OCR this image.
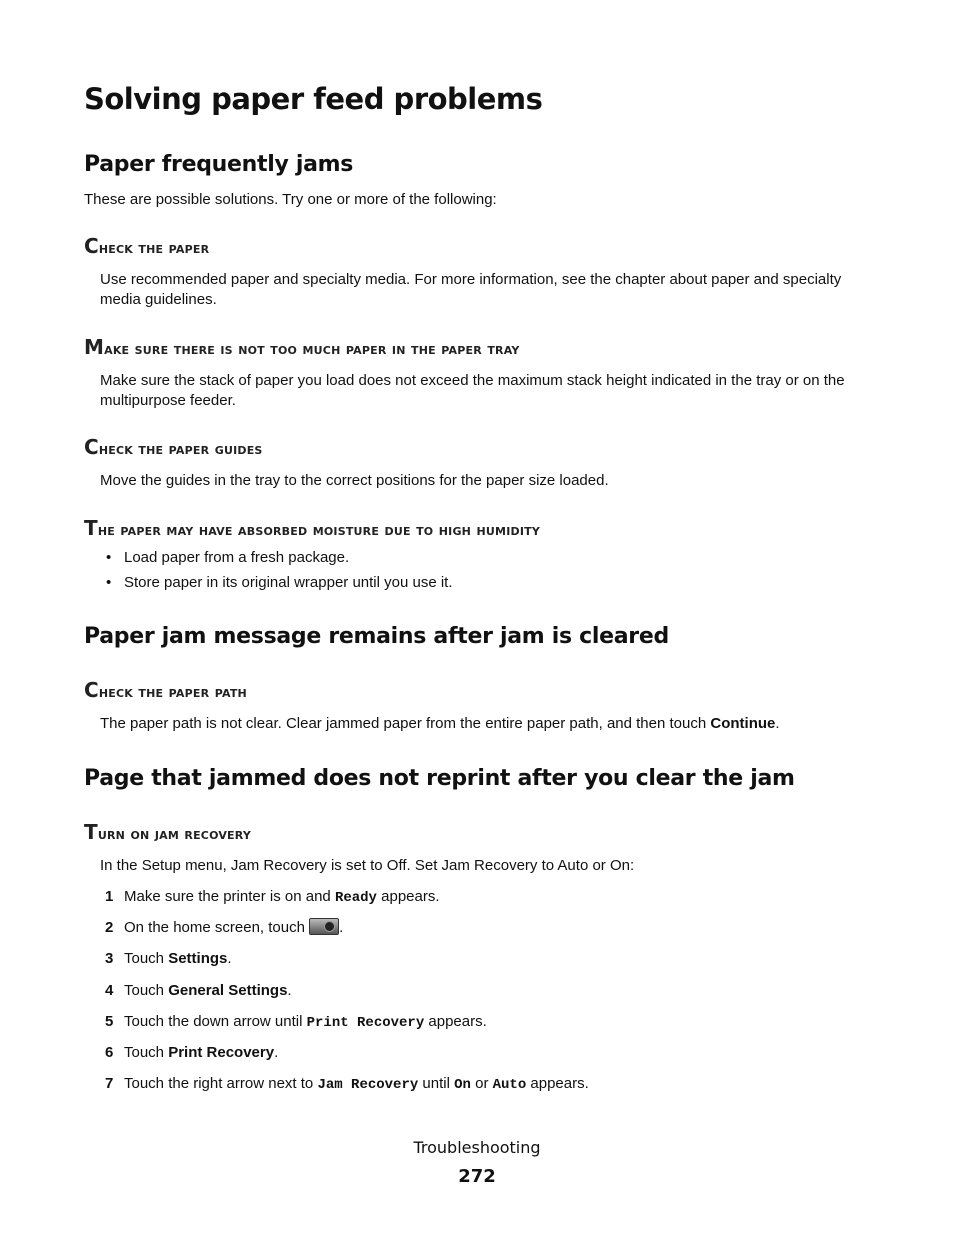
Solving paper feed problems
Paper frequently jams

These are possible solutions. Try one or more of the following:

Check the paper

Use recommended paper and specialty media. For more information, see the chapter about paper and specialty media guidelines.

Make sure there is not too much paper in the paper tray

Make sure the stack of paper you load does not exceed the maximum stack height indicated in the tray or on the multipurpose feeder.

Check the paper guides

Move the guides in the tray to the correct positions for the paper size loaded.

The paper may have absorbed moisture due to high humidity
• Load paper from a fresh package.
• Store paper in its original wrapper until you use it.
Paper jam message remains after jam is cleared
Check the paper path

The paper path is not clear. Clear jammed paper from the entire paper path, and then touch Continue.

Page that jammed does not reprint after you clear the jam
Turn on jam recovery

In the Setup menu, Jam Recovery is set to Off. Set Jam Recovery to Auto or On:

1 Make sure the printer is on and Ready appears.
2 On the home screen, touch .
3 Touch Settings.
4 Touch General Settings.
5 Touch the down arrow until Print Recovery appears.
6 Touch Print Recovery.
7 Touch the right arrow next to Jam Recovery until On or Auto appears.
Troubleshooting
272
